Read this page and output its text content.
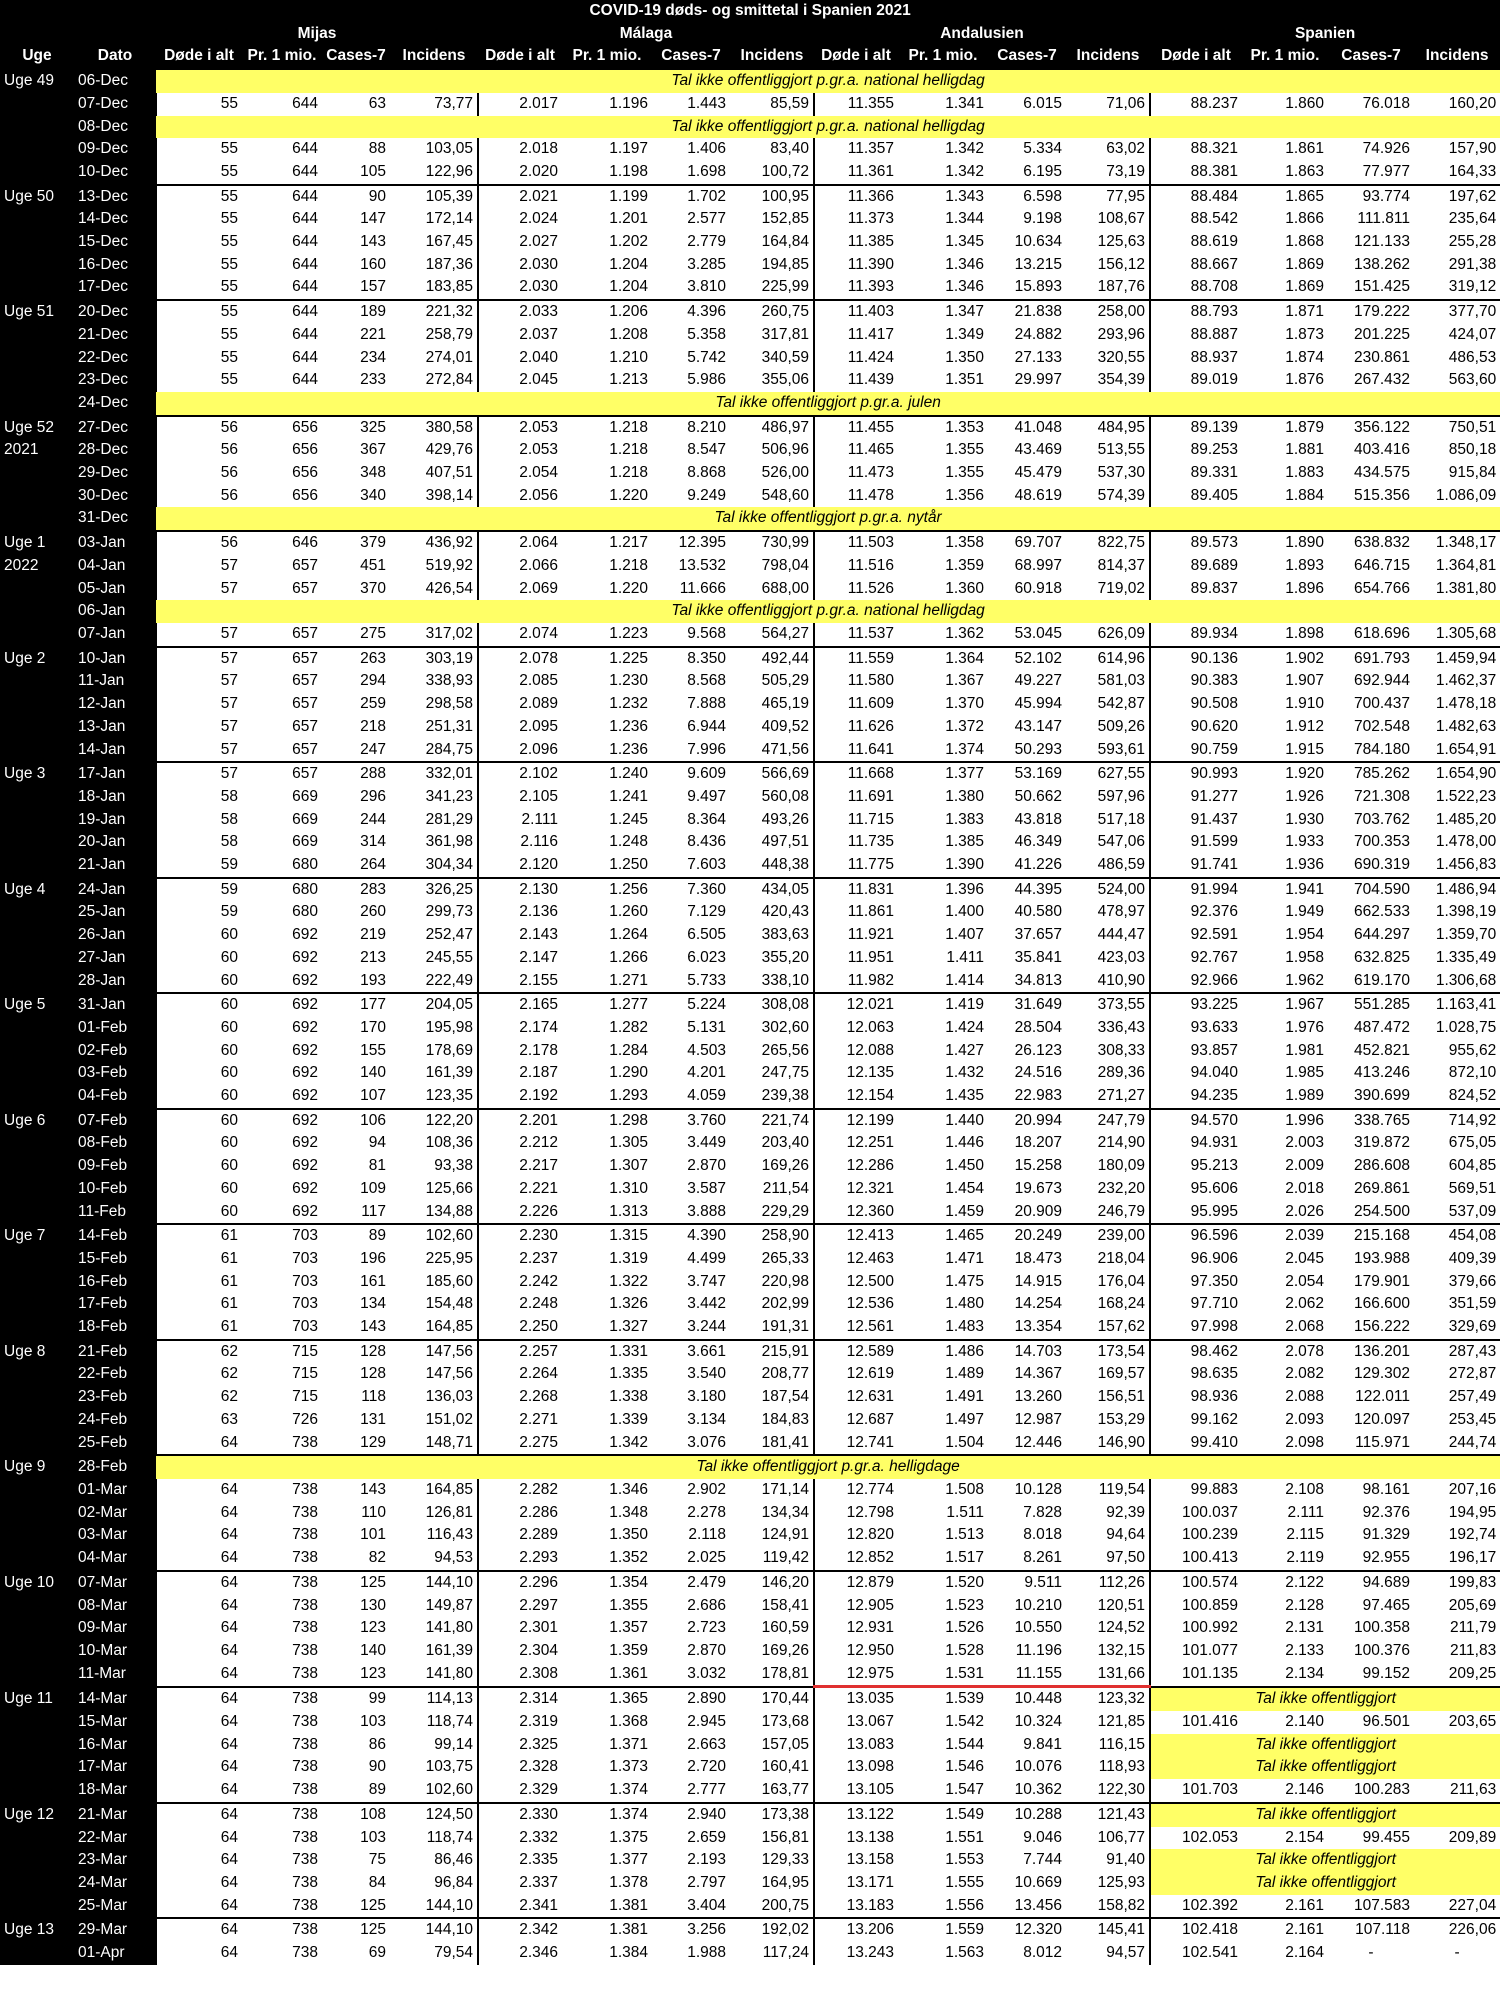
COVID-19 døds- og smittetal i Spanien 2021																	
		Mijas				Málaga				Andalusien				Spanien			
Uge	Dato	Døde i alt	Pr. 1 mio.	Cases-7	Incidens	Døde i alt	Pr. 1 mio.	Cases-7	Incidens	Døde i alt	Pr. 1 mio.	Cases-7	Incidens	Døde i alt	Pr. 1 mio.	Cases-7	Incidens
Uge 49	06-Dec	Tal ikke offentliggjort p.gr.a. national helligdag															
	07-Dec	55	644	63	73,77	2.017	1.196	1.443	85,59	11.355	1.341	6.015	71,06	88.237	1.860	76.018	160,20
	08-Dec	Tal ikke offentliggjort p.gr.a. national helligdag															
	09-Dec	55	644	88	103,05	2.018	1.197	1.406	83,40	11.357	1.342	5.334	63,02	88.321	1.861	74.926	157,90
	10-Dec	55	644	105	122,96	2.020	1.198	1.698	100,72	11.361	1.342	6.195	73,19	88.381	1.863	77.977	164,33
Uge 50	13-Dec	55	644	90	105,39	2.021	1.199	1.702	100,95	11.366	1.343	6.598	77,95	88.484	1.865	93.774	197,62
	14-Dec	55	644	147	172,14	2.024	1.201	2.577	152,85	11.373	1.344	9.198	108,67	88.542	1.866	111.811	235,64
	15-Dec	55	644	143	167,45	2.027	1.202	2.779	164,84	11.385	1.345	10.634	125,63	88.619	1.868	121.133	255,28
	16-Dec	55	644	160	187,36	2.030	1.204	3.285	194,85	11.390	1.346	13.215	156,12	88.667	1.869	138.262	291,38
	17-Dec	55	644	157	183,85	2.030	1.204	3.810	225,99	11.393	1.346	15.893	187,76	88.708	1.869	151.425	319,12
Uge 51	20-Dec	55	644	189	221,32	2.033	1.206	4.396	260,75	11.403	1.347	21.838	258,00	88.793	1.871	179.222	377,70
	21-Dec	55	644	221	258,79	2.037	1.208	5.358	317,81	11.417	1.349	24.882	293,96	88.887	1.873	201.225	424,07
	22-Dec	55	644	234	274,01	2.040	1.210	5.742	340,59	11.424	1.350	27.133	320,55	88.937	1.874	230.861	486,53
	23-Dec	55	644	233	272,84	2.045	1.213	5.986	355,06	11.439	1.351	29.997	354,39	89.019	1.876	267.432	563,60
	24-Dec	Tal ikke offentliggjort p.gr.a. julen															
Uge 52	27-Dec	56	656	325	380,58	2.053	1.218	8.210	486,97	11.455	1.353	41.048	484,95	89.139	1.879	356.122	750,51
2021	28-Dec	56	656	367	429,76	2.053	1.218	8.547	506,96	11.465	1.355	43.469	513,55	89.253	1.881	403.416	850,18
	29-Dec	56	656	348	407,51	2.054	1.218	8.868	526,00	11.473	1.355	45.479	537,30	89.331	1.883	434.575	915,84
	30-Dec	56	656	340	398,14	2.056	1.220	9.249	548,60	11.478	1.356	48.619	574,39	89.405	1.884	515.356	1.086,09
	31-Dec	Tal ikke offentliggjort p.gr.a. nytår															
Uge 1	03-Jan	56	646	379	436,92	2.064	1.217	12.395	730,99	11.503	1.358	69.707	822,75	89.573	1.890	638.832	1.348,17
2022	04-Jan	57	657	451	519,92	2.066	1.218	13.532	798,04	11.516	1.359	68.997	814,37	89.689	1.893	646.715	1.364,81
	05-Jan	57	657	370	426,54	2.069	1.220	11.666	688,00	11.526	1.360	60.918	719,02	89.837	1.896	654.766	1.381,80
	06-Jan	Tal ikke offentliggjort p.gr.a. national helligdag															
	07-Jan	57	657	275	317,02	2.074	1.223	9.568	564,27	11.537	1.362	53.045	626,09	89.934	1.898	618.696	1.305,68
Uge 2	10-Jan	57	657	263	303,19	2.078	1.225	8.350	492,44	11.559	1.364	52.102	614,96	90.136	1.902	691.793	1.459,94
	11-Jan	57	657	294	338,93	2.085	1.230	8.568	505,29	11.580	1.367	49.227	581,03	90.383	1.907	692.944	1.462,37
	12-Jan	57	657	259	298,58	2.089	1.232	7.888	465,19	11.609	1.370	45.994	542,87	90.508	1.910	700.437	1.478,18
	13-Jan	57	657	218	251,31	2.095	1.236	6.944	409,52	11.626	1.372	43.147	509,26	90.620	1.912	702.548	1.482,63
	14-Jan	57	657	247	284,75	2.096	1.236	7.996	471,56	11.641	1.374	50.293	593,61	90.759	1.915	784.180	1.654,91
Uge 3	17-Jan	57	657	288	332,01	2.102	1.240	9.609	566,69	11.668	1.377	53.169	627,55	90.993	1.920	785.262	1.654,90
	18-Jan	58	669	296	341,23	2.105	1.241	9.497	560,08	11.691	1.380	50.662	597,96	91.277	1.926	721.308	1.522,23
	19-Jan	58	669	244	281,29	2.111	1.245	8.364	493,26	11.715	1.383	43.818	517,18	91.437	1.930	703.762	1.485,20
	20-Jan	58	669	314	361,98	2.116	1.248	8.436	497,51	11.735	1.385	46.349	547,06	91.599	1.933	700.353	1.478,00
	21-Jan	59	680	264	304,34	2.120	1.250	7.603	448,38	11.775	1.390	41.226	486,59	91.741	1.936	690.319	1.456,83
Uge 4	24-Jan	59	680	283	326,25	2.130	1.256	7.360	434,05	11.831	1.396	44.395	524,00	91.994	1.941	704.590	1.486,94
	25-Jan	59	680	260	299,73	2.136	1.260	7.129	420,43	11.861	1.400	40.580	478,97	92.376	1.949	662.533	1.398,19
	26-Jan	60	692	219	252,47	2.143	1.264	6.505	383,63	11.921	1.407	37.657	444,47	92.591	1.954	644.297	1.359,70
	27-Jan	60	692	213	245,55	2.147	1.266	6.023	355,20	11.951	1.411	35.841	423,03	92.767	1.958	632.825	1.335,49
	28-Jan	60	692	193	222,49	2.155	1.271	5.733	338,10	11.982	1.414	34.813	410,90	92.966	1.962	619.170	1.306,68
Uge 5	31-Jan	60	692	177	204,05	2.165	1.277	5.224	308,08	12.021	1.419	31.649	373,55	93.225	1.967	551.285	1.163,41
	01-Feb	60	692	170	195,98	2.174	1.282	5.131	302,60	12.063	1.424	28.504	336,43	93.633	1.976	487.472	1.028,75
	02-Feb	60	692	155	178,69	2.178	1.284	4.503	265,56	12.088	1.427	26.123	308,33	93.857	1.981	452.821	955,62
	03-Feb	60	692	140	161,39	2.187	1.290	4.201	247,75	12.135	1.432	24.516	289,36	94.040	1.985	413.246	872,10
	04-Feb	60	692	107	123,35	2.192	1.293	4.059	239,38	12.154	1.435	22.983	271,27	94.235	1.989	390.699	824,52
Uge 6	07-Feb	60	692	106	122,20	2.201	1.298	3.760	221,74	12.199	1.440	20.994	247,79	94.570	1.996	338.765	714,92
	08-Feb	60	692	94	108,36	2.212	1.305	3.449	203,40	12.251	1.446	18.207	214,90	94.931	2.003	319.872	675,05
	09-Feb	60	692	81	93,38	2.217	1.307	2.870	169,26	12.286	1.450	15.258	180,09	95.213	2.009	286.608	604,85
	10-Feb	60	692	109	125,66	2.221	1.310	3.587	211,54	12.321	1.454	19.673	232,20	95.606	2.018	269.861	569,51
	11-Feb	60	692	117	134,88	2.226	1.313	3.888	229,29	12.360	1.459	20.909	246,79	95.995	2.026	254.500	537,09
Uge 7	14-Feb	61	703	89	102,60	2.230	1.315	4.390	258,90	12.413	1.465	20.249	239,00	96.596	2.039	215.168	454,08
	15-Feb	61	703	196	225,95	2.237	1.319	4.499	265,33	12.463	1.471	18.473	218,04	96.906	2.045	193.988	409,39
	16-Feb	61	703	161	185,60	2.242	1.322	3.747	220,98	12.500	1.475	14.915	176,04	97.350	2.054	179.901	379,66
	17-Feb	61	703	134	154,48	2.248	1.326	3.442	202,99	12.536	1.480	14.254	168,24	97.710	2.062	166.600	351,59
	18-Feb	61	703	143	164,85	2.250	1.327	3.244	191,31	12.561	1.483	13.354	157,62	97.998	2.068	156.222	329,69
Uge 8	21-Feb	62	715	128	147,56	2.257	1.331	3.661	215,91	12.589	1.486	14.703	173,54	98.462	2.078	136.201	287,43
	22-Feb	62	715	128	147,56	2.264	1.335	3.540	208,77	12.619	1.489	14.367	169,57	98.635	2.082	129.302	272,87
	23-Feb	62	715	118	136,03	2.268	1.338	3.180	187,54	12.631	1.491	13.260	156,51	98.936	2.088	122.011	257,49
	24-Feb	63	726	131	151,02	2.271	1.339	3.134	184,83	12.687	1.497	12.987	153,29	99.162	2.093	120.097	253,45
	25-Feb	64	738	129	148,71	2.275	1.342	3.076	181,41	12.741	1.504	12.446	146,90	99.410	2.098	115.971	244,74
Uge 9	28-Feb	Tal ikke offentliggjort p.gr.a. helligdage															
	01-Mar	64	738	143	164,85	2.282	1.346	2.902	171,14	12.774	1.508	10.128	119,54	99.883	2.108	98.161	207,16
	02-Mar	64	738	110	126,81	2.286	1.348	2.278	134,34	12.798	1.511	7.828	92,39	100.037	2.111	92.376	194,95
	03-Mar	64	738	101	116,43	2.289	1.350	2.118	124,91	12.820	1.513	8.018	94,64	100.239	2.115	91.329	192,74
	04-Mar	64	738	82	94,53	2.293	1.352	2.025	119,42	12.852	1.517	8.261	97,50	100.413	2.119	92.955	196,17
Uge 10	07-Mar	64	738	125	144,10	2.296	1.354	2.479	146,20	12.879	1.520	9.511	112,26	100.574	2.122	94.689	199,83
	08-Mar	64	738	130	149,87	2.297	1.355	2.686	158,41	12.905	1.523	10.210	120,51	100.859	2.128	97.465	205,69
	09-Mar	64	738	123	141,80	2.301	1.357	2.723	160,59	12.931	1.526	10.550	124,52	100.992	2.131	100.358	211,79
	10-Mar	64	738	140	161,39	2.304	1.359	2.870	169,26	12.950	1.528	11.196	132,15	101.077	2.133	100.376	211,83
	11-Mar	64	738	123	141,80	2.308	1.361	3.032	178,81	12.975	1.531	11.155	131,66	101.135	2.134	99.152	209,25
Uge 11	14-Mar	64	738	99	114,13	2.314	1.365	2.890	170,44	13.035	1.539	10.448	123,32	Tal ikke offentliggjort			
	15-Mar	64	738	103	118,74	2.319	1.368	2.945	173,68	13.067	1.542	10.324	121,85	101.416	2.140	96.501	203,65
	16-Mar	64	738	86	99,14	2.325	1.371	2.663	157,05	13.083	1.544	9.841	116,15	Tal ikke offentliggjort			
	17-Mar	64	738	90	103,75	2.328	1.373	2.720	160,41	13.098	1.546	10.076	118,93	Tal ikke offentliggjort			
	18-Mar	64	738	89	102,60	2.329	1.374	2.777	163,77	13.105	1.547	10.362	122,30	101.703	2.146	100.283	211,63
Uge 12	21-Mar	64	738	108	124,50	2.330	1.374	2.940	173,38	13.122	1.549	10.288	121,43	Tal ikke offentliggjort			
	22-Mar	64	738	103	118,74	2.332	1.375	2.659	156,81	13.138	1.551	9.046	106,77	102.053	2.154	99.455	209,89
	23-Mar	64	738	75	86,46	2.335	1.377	2.193	129,33	13.158	1.553	7.744	91,40	Tal ikke offentliggjort			
	24-Mar	64	738	84	96,84	2.337	1.378	2.797	164,95	13.171	1.555	10.669	125,93	Tal ikke offentliggjort			
	25-Mar	64	738	125	144,10	2.341	1.381	3.404	200,75	13.183	1.556	13.456	158,82	102.392	2.161	107.583	227,04
Uge 13	29-Mar	64	738	125	144,10	2.342	1.381	3.256	192,02	13.206	1.559	12.320	145,41	102.418	2.161	107.118	226,06
	01-Apr	64	738	69	79,54	2.346	1.384	1.988	117,24	13.243	1.563	8.012	94,57	102.541	2.164	-	-
